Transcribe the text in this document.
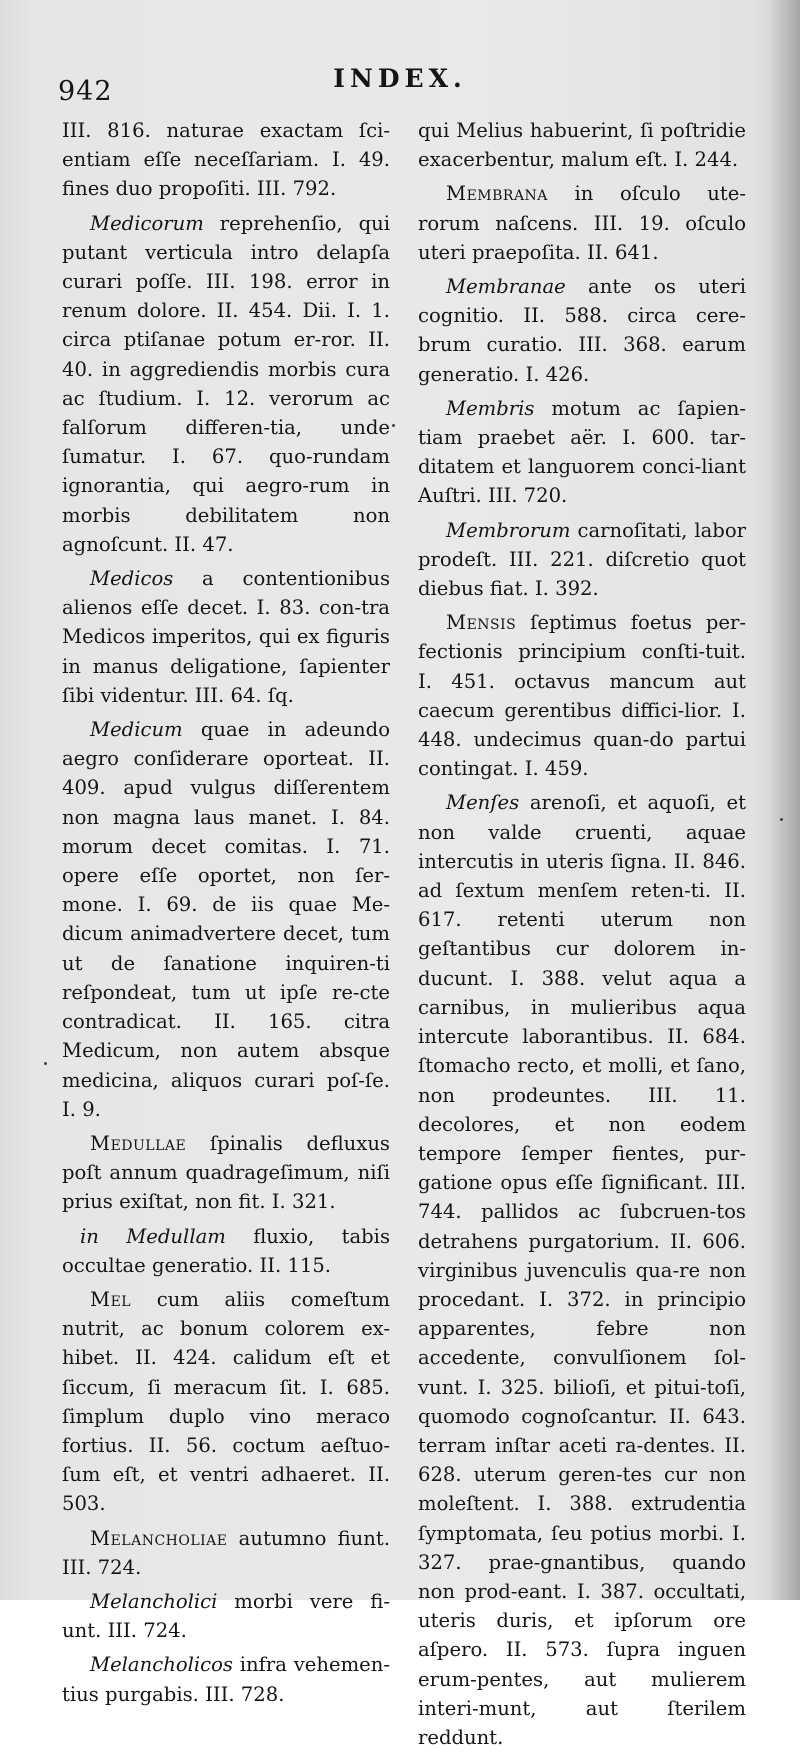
942	INDEX.

III. 816. naturae exactam ſci-entiam eſſe neceſſariam. I. 49. fines duo propoſiti. III. 792.

Medicorum reprehenſio, qui putant verticula intro delapſa curari poſſe. III. 198. error in renum dolore. II. 454. Dii. I. 1. circa ptiſanae potum er-ror. II. 40. in aggrediendis morbis cura ac ſtudium. I. 12. verorum ac falſorum differen-tia, unde ſumatur. I. 67. quo-rundam ignorantia, qui aegro-rum in morbis debilitatem non agnoſcunt. II. 47.

Medicos a contentionibus alienos eſſe decet. I. 83. con-tra Medicos imperitos, qui ex figuris in manus deligatione, ſapienter ſibi videntur. III. 64. ſq.

Medicum quae in adeundo aegro conſiderare oporteat. II. 409. apud vulgus diſſerentem non magna laus manet. I. 84. morum decet comitas. I. 71. opere eſſe oportet, non ſer-mone. I. 69. de iis quae Me-dicum animadvertere decet, tum ut de ſanatione inquiren-ti reſpondeat, tum ut ipſe re-cte contradicat. II. 165. citra Medicum, non autem absque medicina, aliquos curari poſ-ſe. I. 9.

Medullae ſpinalis defluxus poſt annum quadrageſimum, niſi prius exiſtat, non fit. I. 321.

in Medullam fluxio, tabis occultae generatio. II. 115.

Mel cum aliis comeſtum nutrit, ac bonum colorem ex-hibet. II. 424. calidum eſt et ſiccum, ſi meracum ſit. I. 685. ſimplum duplo vino meraco fortius. II. 56. coctum aeſtuo-ſum eſt, et ventri adhaeret. II. 503.

Melancholiae autumno fiunt. III. 724.

Melancholici morbi vere fi-unt. III. 724.

Melancholicos infra vehemen-tius purgabis. III. 728.

qui Melius habuerint, ſi poſtridie exacerbentur, malum eſt. I. 244.

Membrana in oſculo ute-rorum naſcens. III. 19. oſculo uteri praepoſita. II. 641.

Membranae ante os uteri cognitio. II. 588. circa cere-brum curatio. III. 368. earum generatio. I. 426.

Membris motum ac ſapien-tiam praebet aër. I. 600. tar-ditatem et languorem conci-liant Auſtri. III. 720.

Membrorum carnoſitati, labor prodeſt. III. 221. diſcretio quot diebus fiat. I. 392.

Mensis ſeptimus foetus per-fectionis principium conſti-tuit. I. 451. octavus mancum aut caecum gerentibus diffici-lior. I. 448. undecimus quan-do partui contingat. I. 459.

Menſes arenoſi, et aquoſi, et non valde cruenti, aquae intercutis in uteris ſigna. II. 846. ad ſextum menſem reten-ti. II. 617. retenti uterum non geſtantibus cur dolorem in-ducunt. I. 388. velut aqua a carnibus, in mulieribus aqua intercute laborantibus. II. 684. ſtomacho recto, et molli, et ſano, non prodeuntes. III. 11. decolores, et non eodem tempore ſemper fientes, pur-gatione opus eſſe ſignificant. III. 744. pallidos ac ſubcruen-tos detrahens purgatorium. II. 606. virginibus juvenculis qua-re non procedant. I. 372. in principio apparentes, febre non accedente, convulſionem ſol-vunt. I. 325. bilioſi, et pitui-toſi, quomodo cognoſcantur. II. 643. terram inſtar aceti ra-dentes. II. 628. uterum geren-tes cur non moleſtent. I. 388. extrudentia ſymptomata, ſeu potius morbi. I. 327. prae-gnantibus, quando non prod-eant. I. 387. occultati, uteris duris, et ipſorum ore aſpero. II. 573. ſupra inguen erum-pentes, aut mulierem interi-munt, aut ſterilem reddunt.
